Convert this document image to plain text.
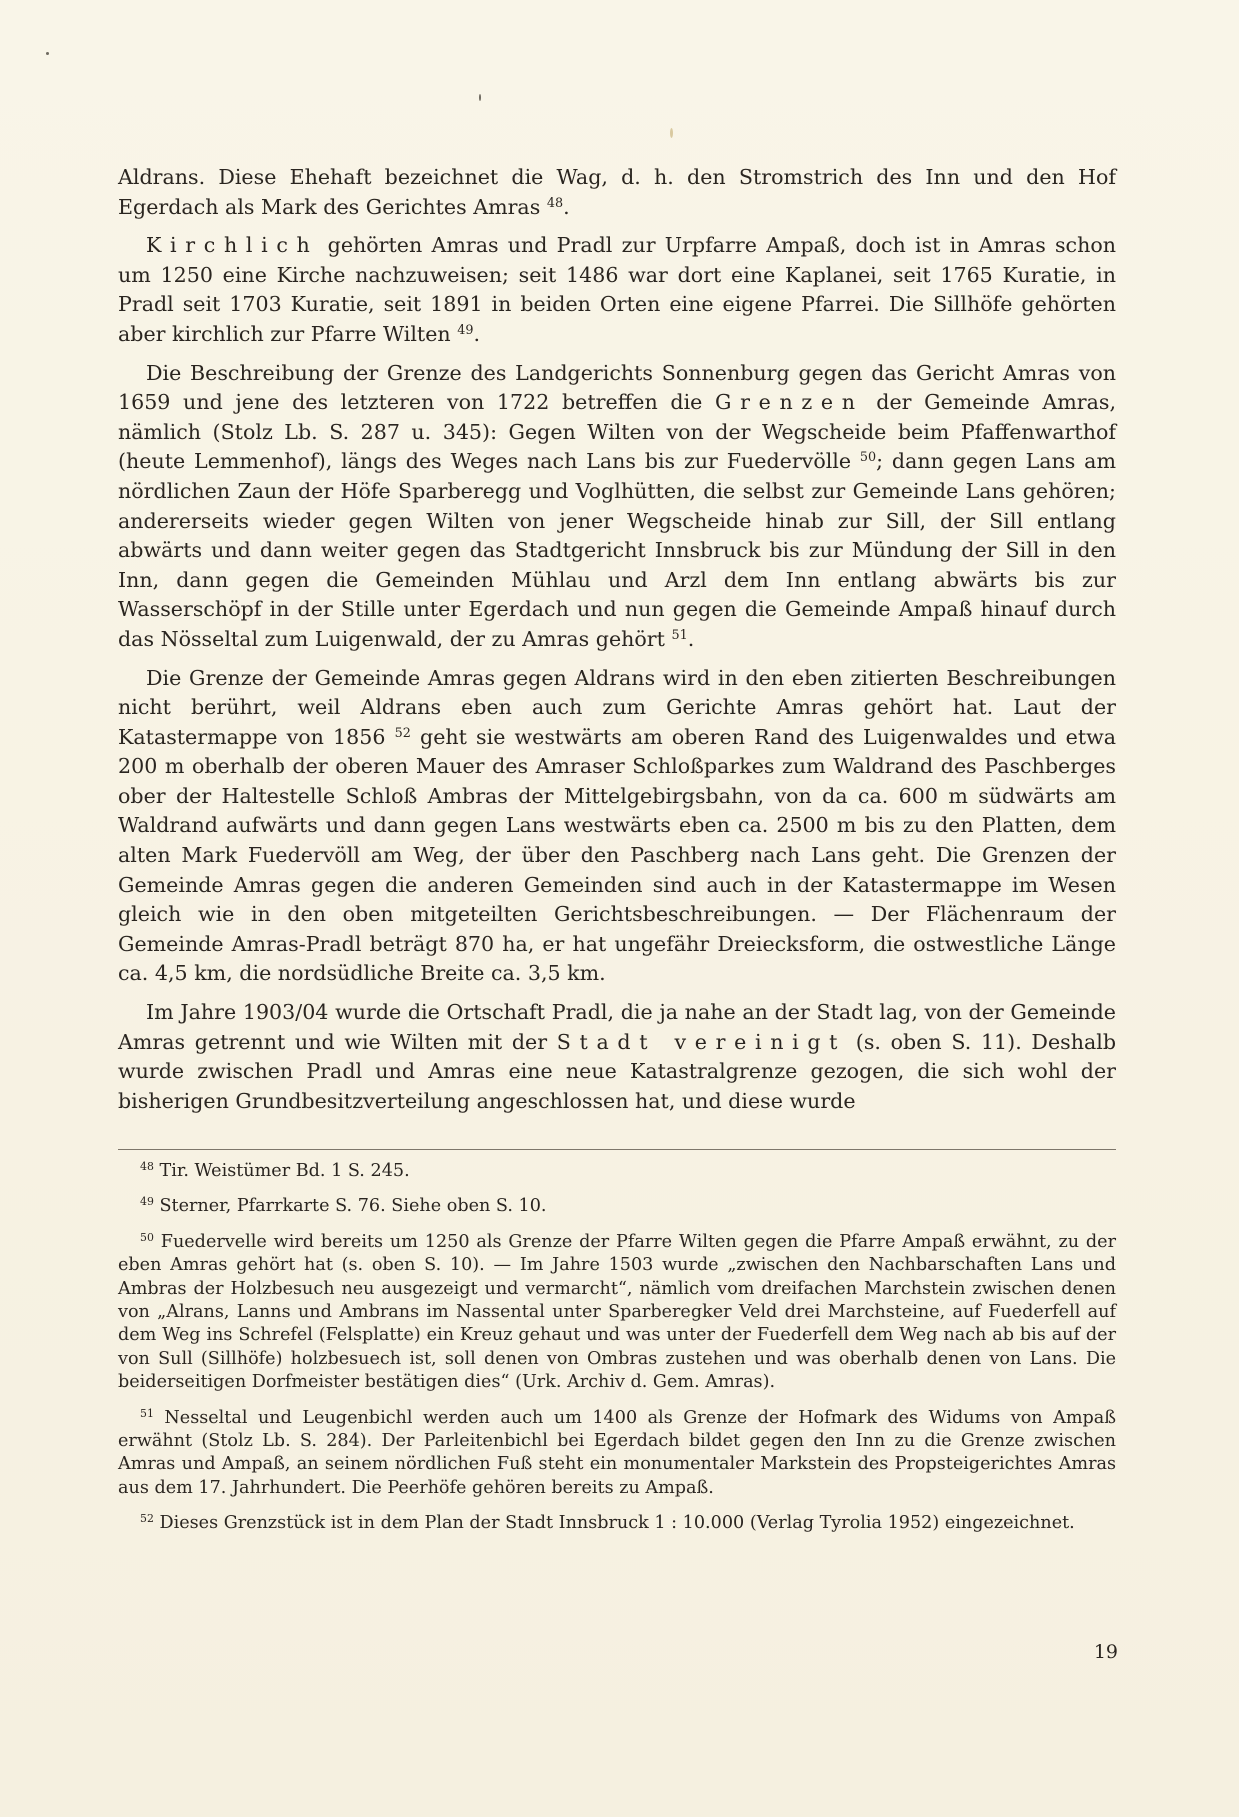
Aldrans. Diese Ehehaft bezeichnet die Wag, d. h. den Stromstrich des Inn und den Hof Egerdach als Mark des Gerichtes Amras $^{48}$.

Kirchlich gehörten Amras und Pradl zur Urpfarre Ampaß, doch ist in Amras schon um 1250 eine Kirche nachzuweisen; seit 1486 war dort eine Kaplanei, seit 1765 Kuratie, in Pradl seit 1703 Kuratie, seit 1891 in beiden Orten eine eigene Pfarrei. Die Sillhöfe gehörten aber kirchlich zur Pfarre Wilten $^{49}$.

Die Beschreibung der Grenze des Landgerichts Sonnenburg gegen das Gericht Amras von 1659 und jene des letzteren von 1722 betreffen die Grenzen der Gemeinde Amras, nämlich (Stolz Lb. S. 287 u. 345): Gegen Wilten von der Wegscheide beim Pfaffenwarthof (heute Lemmenhof), längs des Weges nach Lans bis zur Fuedervölle $^{50}$; dann gegen Lans am nördlichen Zaun der Höfe Sparberegg und Voglhütten, die selbst zur Gemeinde Lans gehören; andererseits wieder gegen Wilten von jener Wegscheide hinab zur Sill, der Sill entlang abwärts und dann weiter gegen das Stadtgericht Innsbruck bis zur Mündung der Sill in den Inn, dann gegen die Gemeinden Mühlau und Arzl dem Inn entlang abwärts bis zur Wasserschöpf in der Stille unter Egerdach und nun gegen die Gemeinde Ampaß hinauf durch das Nösseltal zum Luigenwald, der zu Amras gehört $^{51}$.

Die Grenze der Gemeinde Amras gegen Aldrans wird in den eben zitierten Beschreibungen nicht berührt, weil Aldrans eben auch zum Gerichte Amras gehört hat. Laut der Katastermappe von 1856 $^{52}$ geht sie westwärts am oberen Rand des Luigenwaldes und etwa 200 m oberhalb der oberen Mauer des Amraser Schloßparkes zum Waldrand des Paschberges ober der Haltestelle Schloß Ambras der Mittelgebirgsbahn, von da ca. 600 m südwärts am Waldrand aufwärts und dann gegen Lans westwärts eben ca. 2500 m bis zu den Platten, dem alten Mark Fuedervöll am Weg, der über den Paschberg nach Lans geht. Die Grenzen der Gemeinde Amras gegen die anderen Gemeinden sind auch in der Katastermappe im Wesen gleich wie in den oben mitgeteilten Gerichtsbeschreibungen. — Der Flächenraum der Gemeinde Amras-Pradl beträgt 870 ha, er hat ungefähr Dreiecksform, die ostwestliche Länge ca. 4,5 km, die nordsüdliche Breite ca. 3,5 km.

Im Jahre 1903/04 wurde die Ortschaft Pradl, die ja nahe an der Stadt lag, von der Gemeinde Amras getrennt und wie Wilten mit der Stadt vereinigt (s. oben S. 11). Deshalb wurde zwischen Pradl und Amras eine neue Katastralgrenze gezogen, die sich wohl der bisherigen Grundbesitzverteilung angeschlossen hat, und diese wurde

$^{48}$ Tir. Weistümer Bd. 1 S. 245.

$^{49}$ Sterner, Pfarrkarte S. 76. Siehe oben S. 10.

$^{50}$ Fuedervelle wird bereits um 1250 als Grenze der Pfarre Wilten gegen die Pfarre Ampaß erwähnt, zu der eben Amras gehört hat (s. oben S. 10). — Im Jahre 1503 wurde „zwischen den Nachbarschaften Lans und Ambras der Holzbesuch neu ausgezeigt und vermarcht“, nämlich vom dreifachen Marchstein zwischen denen von „Alrans, Lanns und Ambrans im Nassental unter Sparberegker Veld drei Marchsteine, auf Fuederfell auf dem Weg ins Schrefel (Felsplatte) ein Kreuz gehaut und was unter der Fuederfell dem Weg nach ab bis auf der von Sull (Sillhöfe) holzbesuech ist, soll denen von Ombras zustehen und was oberhalb denen von Lans. Die beiderseitigen Dorfmeister bestätigen dies“ (Urk. Archiv d. Gem. Amras).

$^{51}$ Nesseltal und Leugenbichl werden auch um 1400 als Grenze der Hofmark des Widums von Ampaß erwähnt (Stolz Lb. S. 284). Der Parleitenbichl bei Egerdach bildet gegen den Inn zu die Grenze zwischen Amras und Ampaß, an seinem nördlichen Fuß steht ein monumentaler Markstein des Propsteigerichtes Amras aus dem 17. Jahrhundert. Die Peerhöfe gehören bereits zu Ampaß.

$^{52}$ Dieses Grenzstück ist in dem Plan der Stadt Innsbruck 1 : 10.000 (Verlag Tyrolia 1952) eingezeichnet.

19
